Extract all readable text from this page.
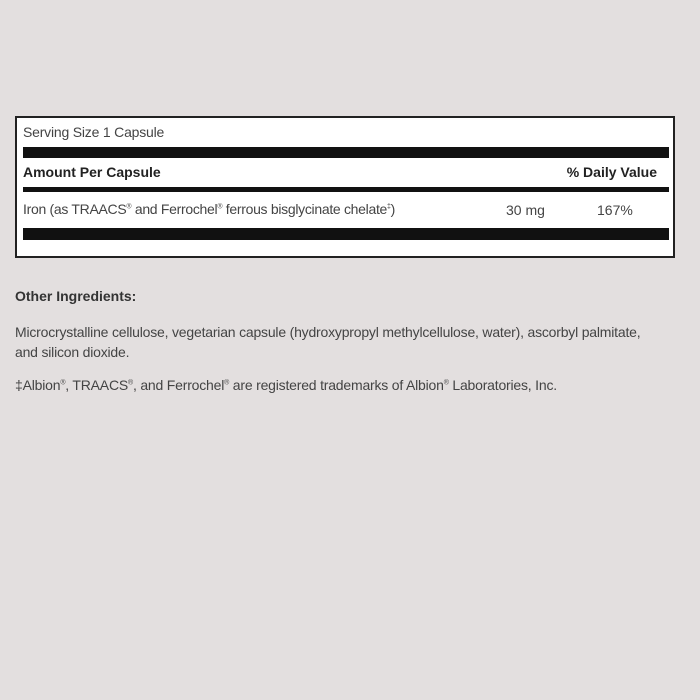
Serving Size 1 Capsule
Amount Per Capsule	% Daily Value
Iron (as TRAACS® and Ferrochel® ferrous bisglycinate chelate‡)	30 mg	167%
Other Ingredients:
Microcrystalline cellulose, vegetarian capsule (hydroxypropyl methylcellulose, water), ascorbyl palmitate, and silicon dioxide.
‡Albion®, TRAACS®, and Ferrochel® are registered trademarks of Albion® Laboratories, Inc.
